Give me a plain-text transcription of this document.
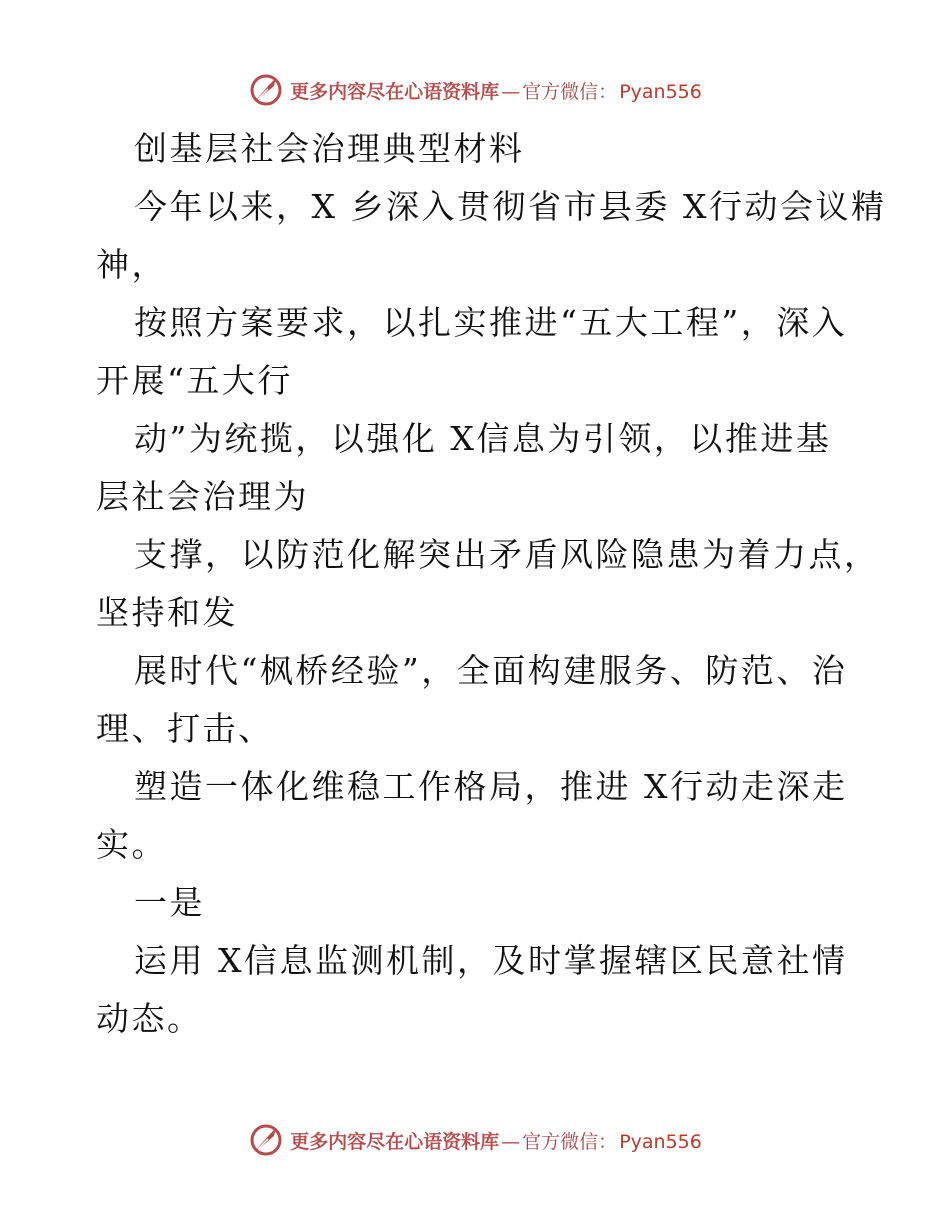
更多内容尽在心语资料库 — 官方微信： Pyan556

创基层社会治理典型材料

今年以来，X 乡深入贯彻省市县委 X行动会议精
神，

按照方案要求，以扎实推进“五大工程”，深入
开展“五大行

动”为统揽，以强化 X信息为引领，以推进基
层社会治理为

支撑，以防范化解突出矛盾风险隐患为着力点，
坚持和发

展时代“枫桥经验”，全面构建服务、防范、治
理、打击、

塑造一体化维稳工作格局，推进 X行动走深走
实。

一是

运用 X信息监测机制，及时掌握辖区民意社情
动态。

更多内容尽在心语资料库 — 官方微信： Pyan556
